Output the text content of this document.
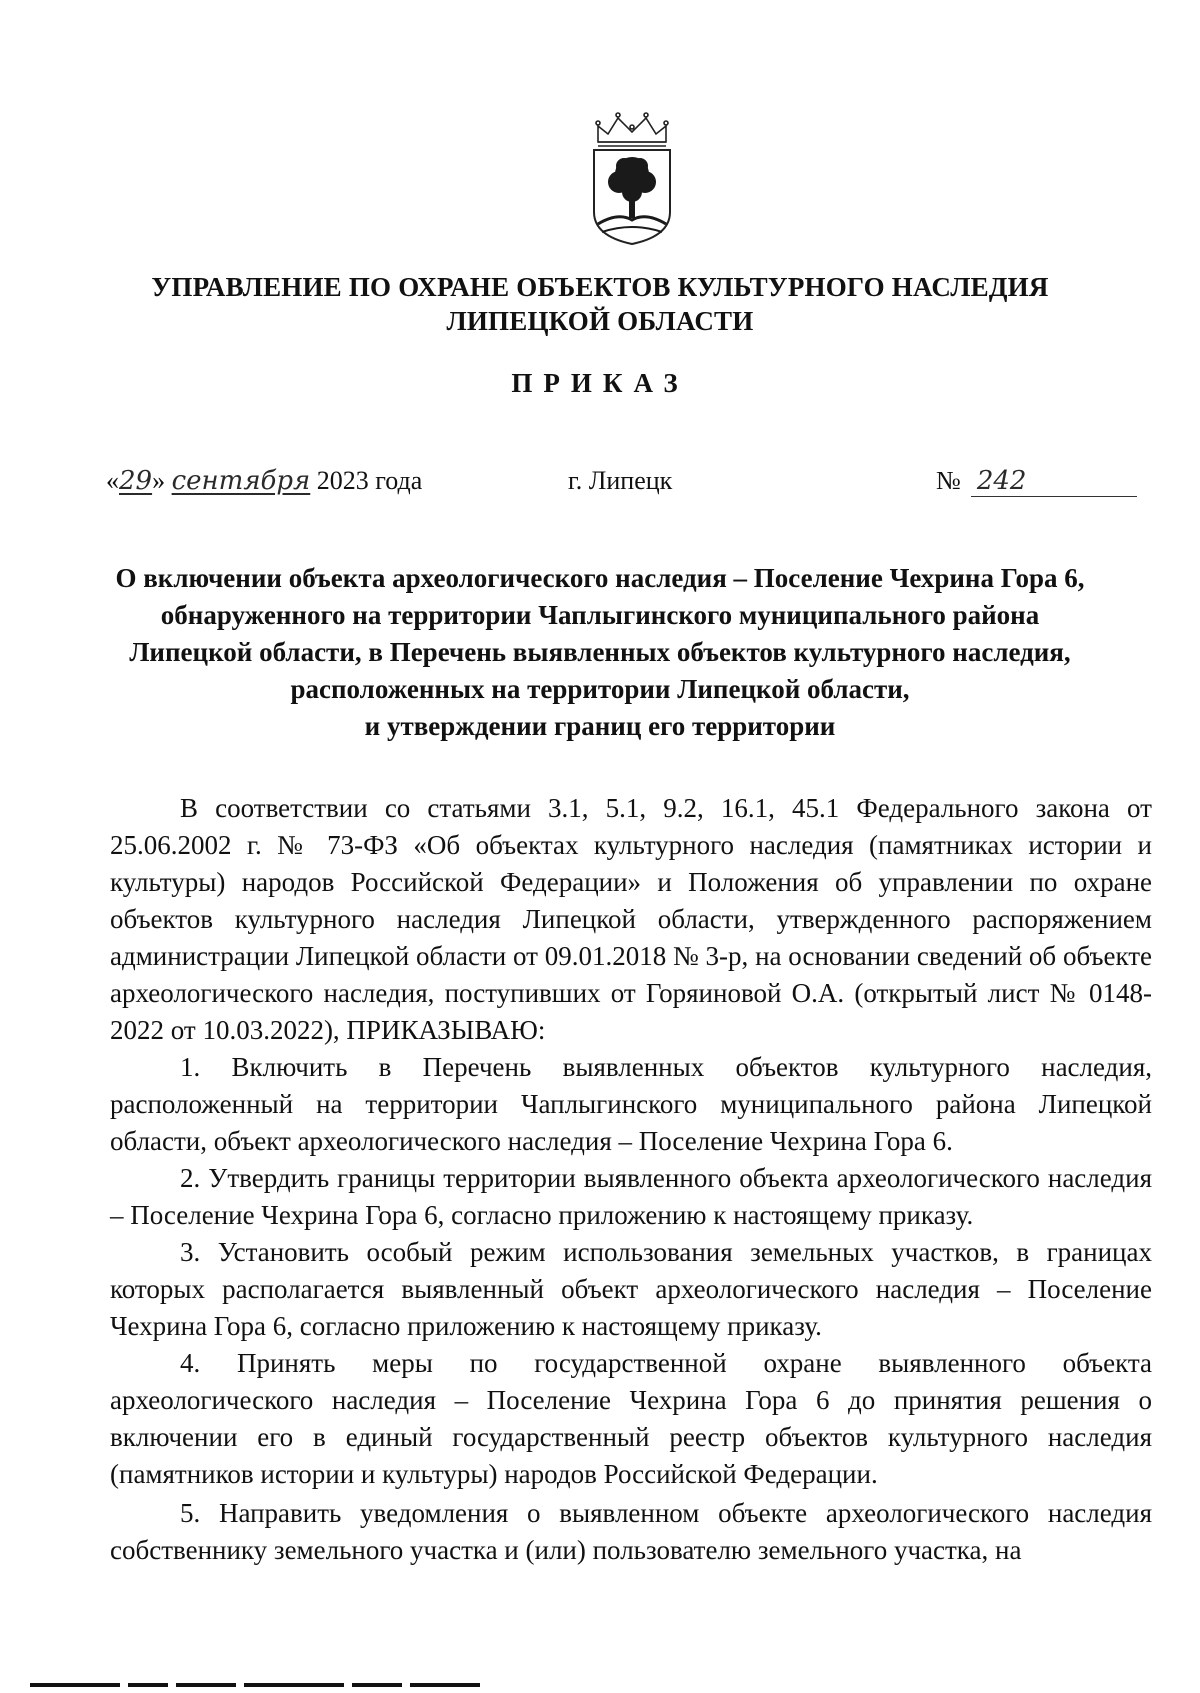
УПРАВЛЕНИЕ ПО ОХРАНЕ ОБЪЕКТОВ КУЛЬТУРНОГО НАСЛЕДИЯ
ЛИПЕЦКОЙ ОБЛАСТИ
ПРИКАЗ
«29» сентября 2023 года	г. Липецк	№ 242
О включении объекта археологического наследия – Поселение Чехрина Гора 6,
обнаруженного на территории Чаплыгинского муниципального района
Липецкой области, в Перечень выявленных объектов культурного наследия,
расположенных на территории Липецкой области,
и утверждении границ его территории

В соответствии со статьями 3.1, 5.1, 9.2, 16.1, 45.1 Федерального закона от 25.06.2002 г. № 73-ФЗ «Об объектах культурного наследия (памятниках истории и культуры) народов Российской Федерации» и Положения об управлении по охране объектов культурного наследия Липецкой области, утвержденного распоряжением администрации Липецкой области от 09.01.2018 № 3-р, на основании сведений об объекте археологического наследия, поступивших от Горяиновой О.А. (открытый лист № 0148-2022 от 10.03.2022), ПРИКАЗЫВАЮ:

1. Включить в Перечень выявленных объектов культурного наследия, расположенный на территории Чаплыгинского муниципального района Липецкой области, объект археологического наследия – Поселение Чехрина Гора 6.

2. Утвердить границы территории выявленного объекта археологического наследия – Поселение Чехрина Гора 6, согласно приложению к настоящему приказу.

3. Установить особый режим использования земельных участков, в границах которых располагается выявленный объект археологического наследия – Поселение Чехрина Гора 6, согласно приложению к настоящему приказу.

4. Принять меры по государственной охране выявленного объекта археологического наследия – Поселение Чехрина Гора 6 до принятия решения о включении его в единый государственный реестр объектов культурного наследия (памятников истории и культуры) народов Российской Федерации.

5. Направить уведомления о выявленном объекте археологического наследия собственнику земельного участка и (или) пользователю земельного участка, на
